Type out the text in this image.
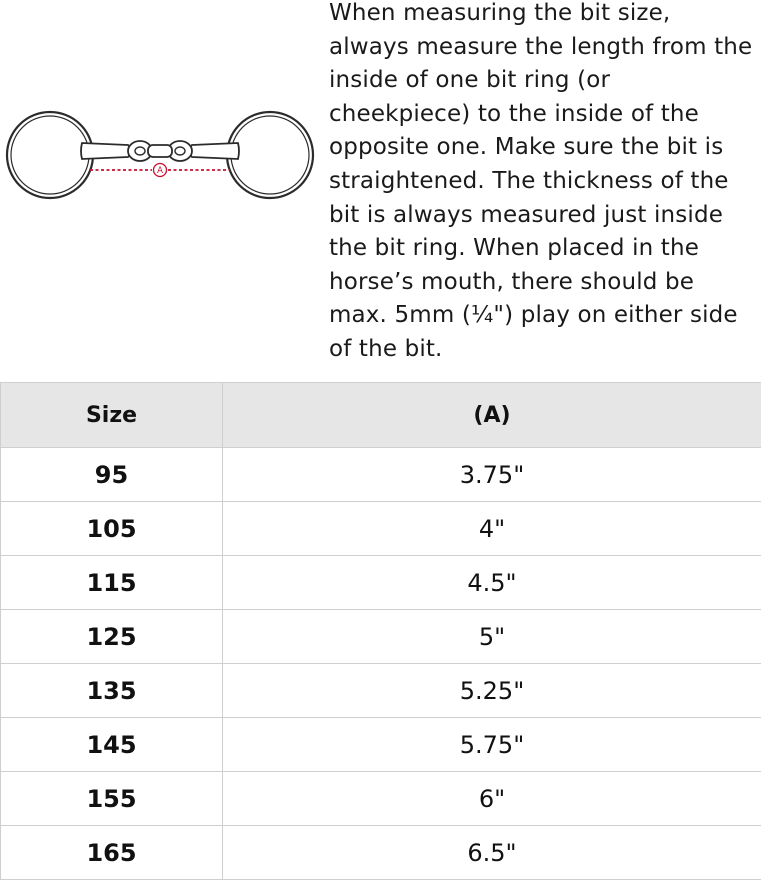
A

When measuring the bit size, always measure the length from the inside of one bit ring (or cheekpiece) to the inside of the opposite one. Make sure the bit is straightened. The thickness of the bit is always measured just inside the bit ring. When placed in the horse’s mouth, there should be max. 5mm (¼") play on either side of the bit.

Size	(A)
95	3.75"
105	4"
115	4.5"
125	5"
135	5.25"
145	5.75"
155	6"
165	6.5"
